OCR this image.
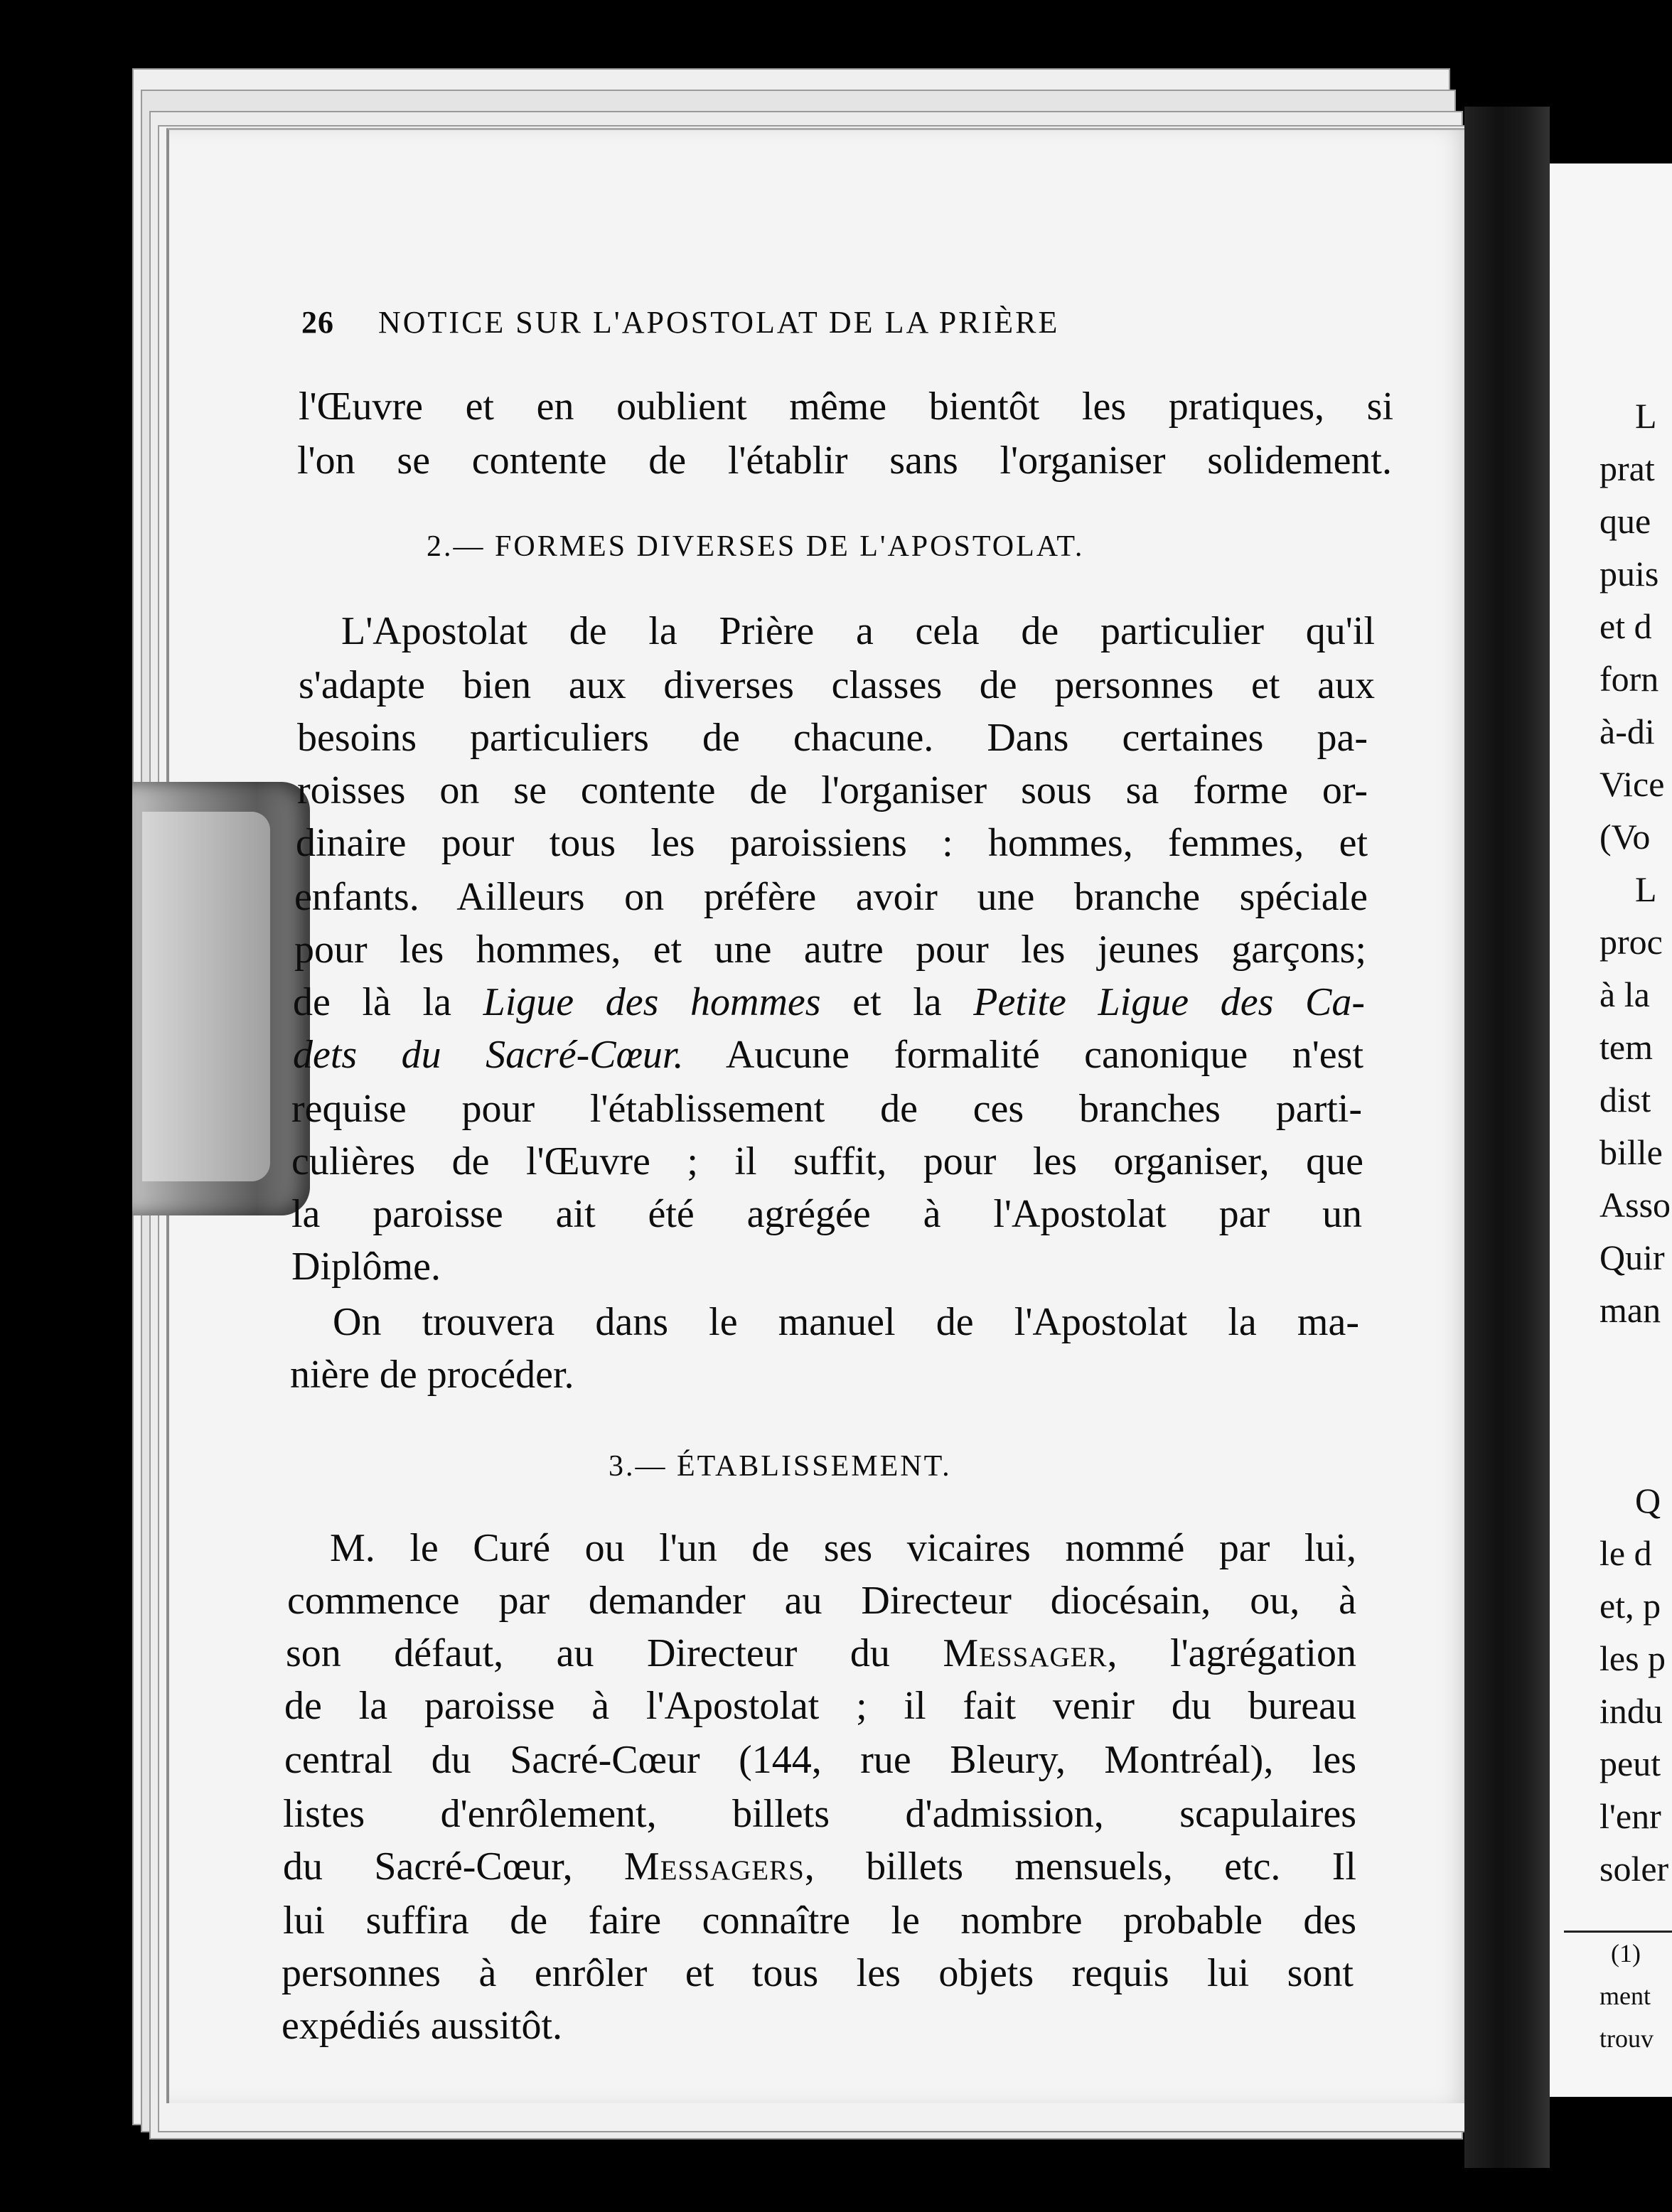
L
prat
que
puis
et d
forn
à-di
Vice
(Vo
L
proc
à la
tem
dist
bille
Asso
Quir
man
Q
le d
et, p
les p
indu
peut
l'enr
soler
(1)
ment
trouv
26 NOTICE SUR L'APOSTOLAT DE LA PRIÈRE
l'Œuvre et en oublient même bientôt les pratiques, si
l'on se contente de l'établir sans l'organiser solidement.
2.— FORMES DIVERSES DE L'APOSTOLAT.
L'Apostolat de la Prière a cela de particulier qu'il
s'adapte bien aux diverses classes de personnes et aux
besoins particuliers de chacune. Dans certaines pa-
roisses on se contente de l'organiser sous sa forme or-
dinaire pour tous les paroissiens : hommes, femmes, et
enfants. Ailleurs on préfère avoir une branche spéciale
pour les hommes, et une autre pour les jeunes garçons;
de là la Ligue des hommes et la Petite Ligue des Ca-
dets du Sacré-Cœur. Aucune formalité canonique n'est
requise pour l'établissement de ces branches parti-
culières de l'Œuvre ; il suffit, pour les organiser, que
la paroisse ait été agrégée à l'Apostolat par un
Diplôme.
On trouvera dans le manuel de l'Apostolat la ma-
nière de procéder.
3.— ÉTABLISSEMENT.
M. le Curé ou l'un de ses vicaires nommé par lui,
commence par demander au Directeur diocésain, ou, à
son défaut, au Directeur du Messager, l'agrégation
de la paroisse à l'Apostolat ; il fait venir du bureau
central du Sacré-Cœur (144, rue Bleury, Montréal), les
listes d'enrôlement, billets d'admission, scapulaires
du Sacré-Cœur, Messagers, billets mensuels, etc. Il
lui suffira de faire connaître le nombre probable des
personnes à enrôler et tous les objets requis lui sont
expédiés aussitôt.
